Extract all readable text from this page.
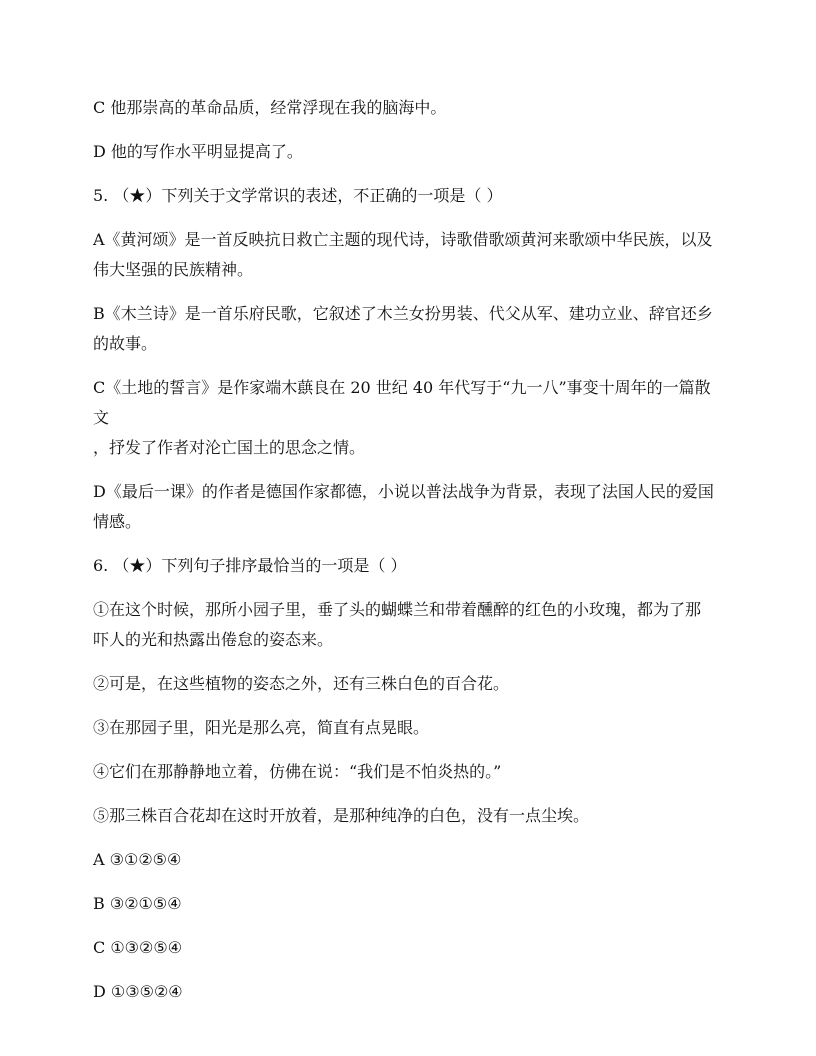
C 他那崇高的革命品质，经常浮现在我的脑海中。

D 他的写作水平明显提高了。

5. （★）下列关于文学常识的表述，不正确的一项是（ ）

A《黄河颂》是一首反映抗日救亡主题的现代诗，诗歌借歌颂黄河来歌颂中华民族，以及
伟大坚强的民族精神。

B《木兰诗》是一首乐府民歌，它叙述了木兰女扮男装、代父从军、建功立业、辞官还乡
的故事。

C《土地的誓言》是作家端木蕻良在 20 世纪 40 年代写于“九一八”事变十周年的一篇散文
，抒发了作者对沦亡国土的思念之情。

D《最后一课》的作者是德国作家都德，小说以普法战争为背景，表现了法国人民的爱国
情感。

6. （★）下列句子排序最恰当的一项是（ ）

①在这个时候，那所小园子里，垂了头的蝴蝶兰和带着醺醉的红色的小玫瑰，都为了那
吓人的光和热露出倦怠的姿态来。

②可是，在这些植物的姿态之外，还有三株白色的百合花。

③在那园子里，阳光是那么亮，简直有点晃眼。

④它们在那静静地立着，仿佛在说：“我们是不怕炎热的。”

⑤那三株百合花却在这时开放着，是那种纯净的白色，没有一点尘埃。

A ③①②⑤④

B ③②①⑤④

C ①③②⑤④

D ①③⑤②④
